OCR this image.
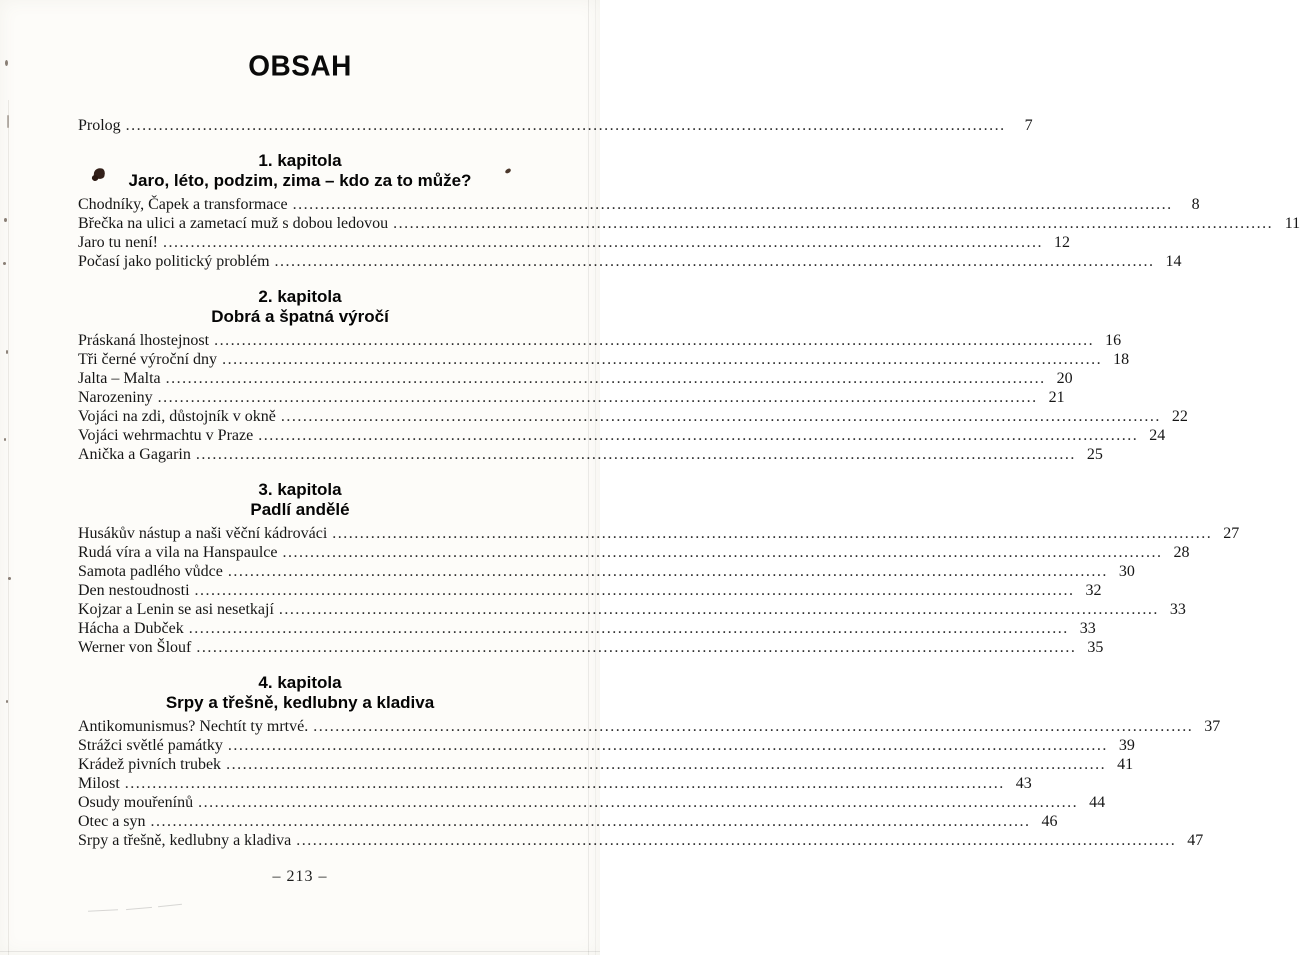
OBSAH
Prolog ................................................................................................................................................................	7
1. kapitola
Jaro, léto, podzim, zima – kdo za to může?
Chodníky, Čapek a transformace ................................................................................................................................................................	8
Břečka na ulici a zametací muž s dobou ledovou ................................................................................................................................................................ 11
Jaro tu není! ................................................................................................................................................................ 12
Počasí jako politický problém ................................................................................................................................................................ 14
2. kapitola
Dobrá a špatná výročí
Práskaná lhostejnost ................................................................................................................................................................ 16
Tři černé výroční dny ................................................................................................................................................................ 18
Jalta – Malta ................................................................................................................................................................ 20
Narozeniny ................................................................................................................................................................ 21
Vojáci na zdi, důstojník v okně ................................................................................................................................................................ 22
Vojáci wehrmachtu v Praze ................................................................................................................................................................ 24
Anička a Gagarin ................................................................................................................................................................ 25
3. kapitola
Padlí andělé
Husákův nástup a naši věční kádrováci ................................................................................................................................................................ 27
Rudá víra a vila na Hanspaulce ................................................................................................................................................................ 28
Samota padlého vůdce ................................................................................................................................................................ 30
Den nestoudnosti ................................................................................................................................................................ 32
Kojzar a Lenin se asi nesetkají ................................................................................................................................................................ 33
Hácha a Dubček ................................................................................................................................................................ 33
Werner von Šlouf ................................................................................................................................................................ 35
4. kapitola
Srpy a třešně, kedlubny a kladiva
Antikomunismus? Nechtít ty mrtvé. ................................................................................................................................................................ 37
Strážci světlé památky ................................................................................................................................................................ 39
Krádež pivních trubek ................................................................................................................................................................ 41
Milost ................................................................................................................................................................ 43
Osudy mouřenínů ................................................................................................................................................................ 44
Otec a syn ................................................................................................................................................................ 46
Srpy a třešně, kedlubny a kladiva ................................................................................................................................................................ 47
– 213 –
